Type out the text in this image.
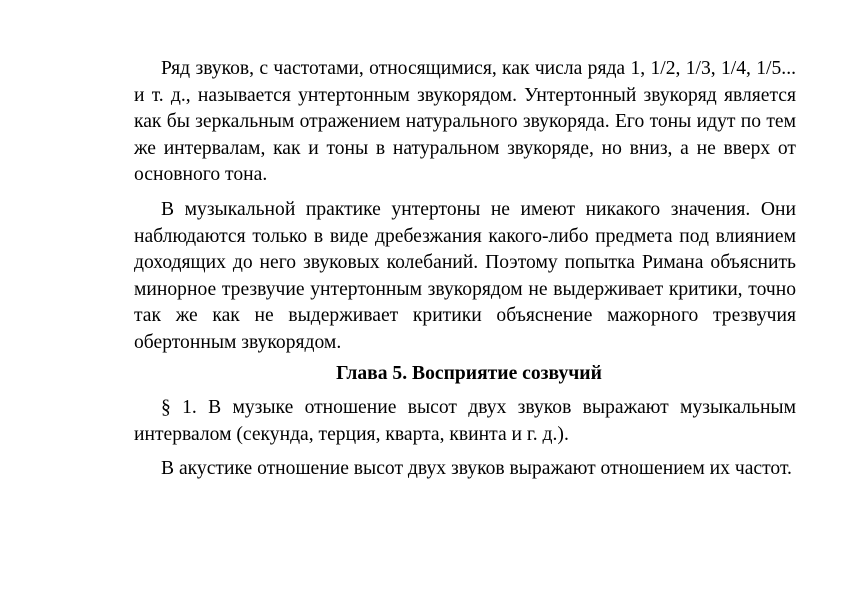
Ряд звуков, с частотами, относящимися, как числа ряда 1, 1/2, 1/3, 1/4, 1/5... и т. д., называется унтертонным звукорядом. Унтертонный звукоряд является как бы зеркальным отражением натурального звукоряда. Его тоны идут по тем же интервалам, как и тоны в натуральном звукоряде, но вниз, а не вверх от основного тона.

В музыкальной практике унтертоны не имеют никакого значения. Они наблюдаются только в виде дребезжания какого-либо предмета под влиянием доходящих до него звуковых колебаний. Поэтому попытка Римана объяснить минорное трезвучие унтертонным звукорядом не выдерживает критики, точно так же как не выдерживает критики объяснение мажорного трезвучия обертонным звукорядом.

Глава 5. Восприятие созвучий

§ 1. В музыке отношение высот двух звуков выражают музыкальным интервалом (секунда, терция, кварта, квинта и г. д.).

В акустике отношение высот двух звуков выражают отношением их частот.
